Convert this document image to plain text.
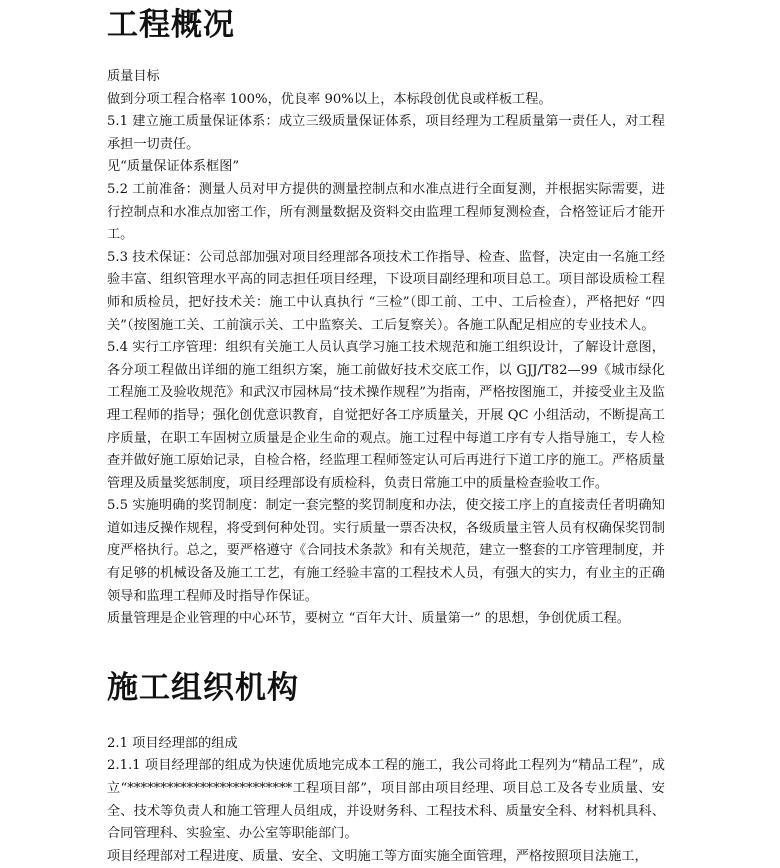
工程概况

质量目标

做到分项工程合格率 100%，优良率 90%以上，本标段创优良或样板工程。

5.1 建立施工质量保证体系：成立三级质量保证体系，项目经理为工程质量第一责任人，对工程承担一切责任。

见“质量保证体系框图”

5.2 工前准备：测量人员对甲方提供的测量控制点和水准点进行全面复测，并根据实际需要，进行控制点和水准点加密工作，所有测量数据及资料交由监理工程师复测检查，合格签证后才能开工。

5.3 技术保证：公司总部加强对项目经理部各项技术工作指导、检查、监督，决定由一名施工经验丰富、组织管理水平高的同志担任项目经理，下设项目副经理和项目总工。项目部设质检工程师和质检员，把好技术关：施工中认真执行 “三检”（即工前、工中、工后检查），严格把好 “四关”（按图施工关、工前演示关、工中监察关、工后复察关）。各施工队配足相应的专业技术人。

5.4 实行工序管理：组织有关施工人员认真学习施工技术规范和施工组织设计，了解设计意图，各分项工程做出详细的施工组织方案，施工前做好技术交底工作，以 GJJ/T82—99《城市绿化工程施工及验收规范》和武汉市园林局“技术操作规程”为指南，严格按图施工，并接受业主及监理工程师的指导；强化创优意识教育，自觉把好各工序质量关，开展 QC 小组活动，不断提高工序质量，在职工车固树立质量是企业生命的观点。施工过程中每道工序有专人指导施工，专人检查并做好施工原始记录，自检合格，经监理工程师签定认可后再进行下道工序的施工。严格质量管理及质量奖惩制度，项目经理部设有质检科，负责日常施工中的质量检查验收工作。

5.5 实施明确的奖罚制度：制定一套完整的奖罚制度和办法，使交接工序上的直接责任者明确知道如违反操作规程，将受到何种处罚。实行质量一票否决权，各级质量主管人员有权确保奖罚制度严格执行。总之，要严格遵守《合同技术条款》和有关规范，建立一整套的工序管理制度，并有足够的机械设备及施工工艺，有施工经验丰富的工程技术人员，有强大的实力，有业主的正确领导和监理工程师及时指导作保证。

质量管理是企业管理的中心环节，要树立 “百年大计、质量第一” 的思想，争创优质工程。

施工组织机构

2.1 项目经理部的组成

2.1.1 项目经理部的组成为快速优质地完成本工程的施工，我公司将此工程列为“精品工程”，成立“*************************工程项目部”，项目部由项目经理、项目总工及各专业质量、安全、技术等负责人和施工管理人员组成，并设财务科、工程技术科、质量安全科、材料机具科、合同管理科、实验室、办公室等职能部门。

项目经理部对工程进度、质量、安全、文明施工等方面实施全面管理，严格按照项目法施工，
